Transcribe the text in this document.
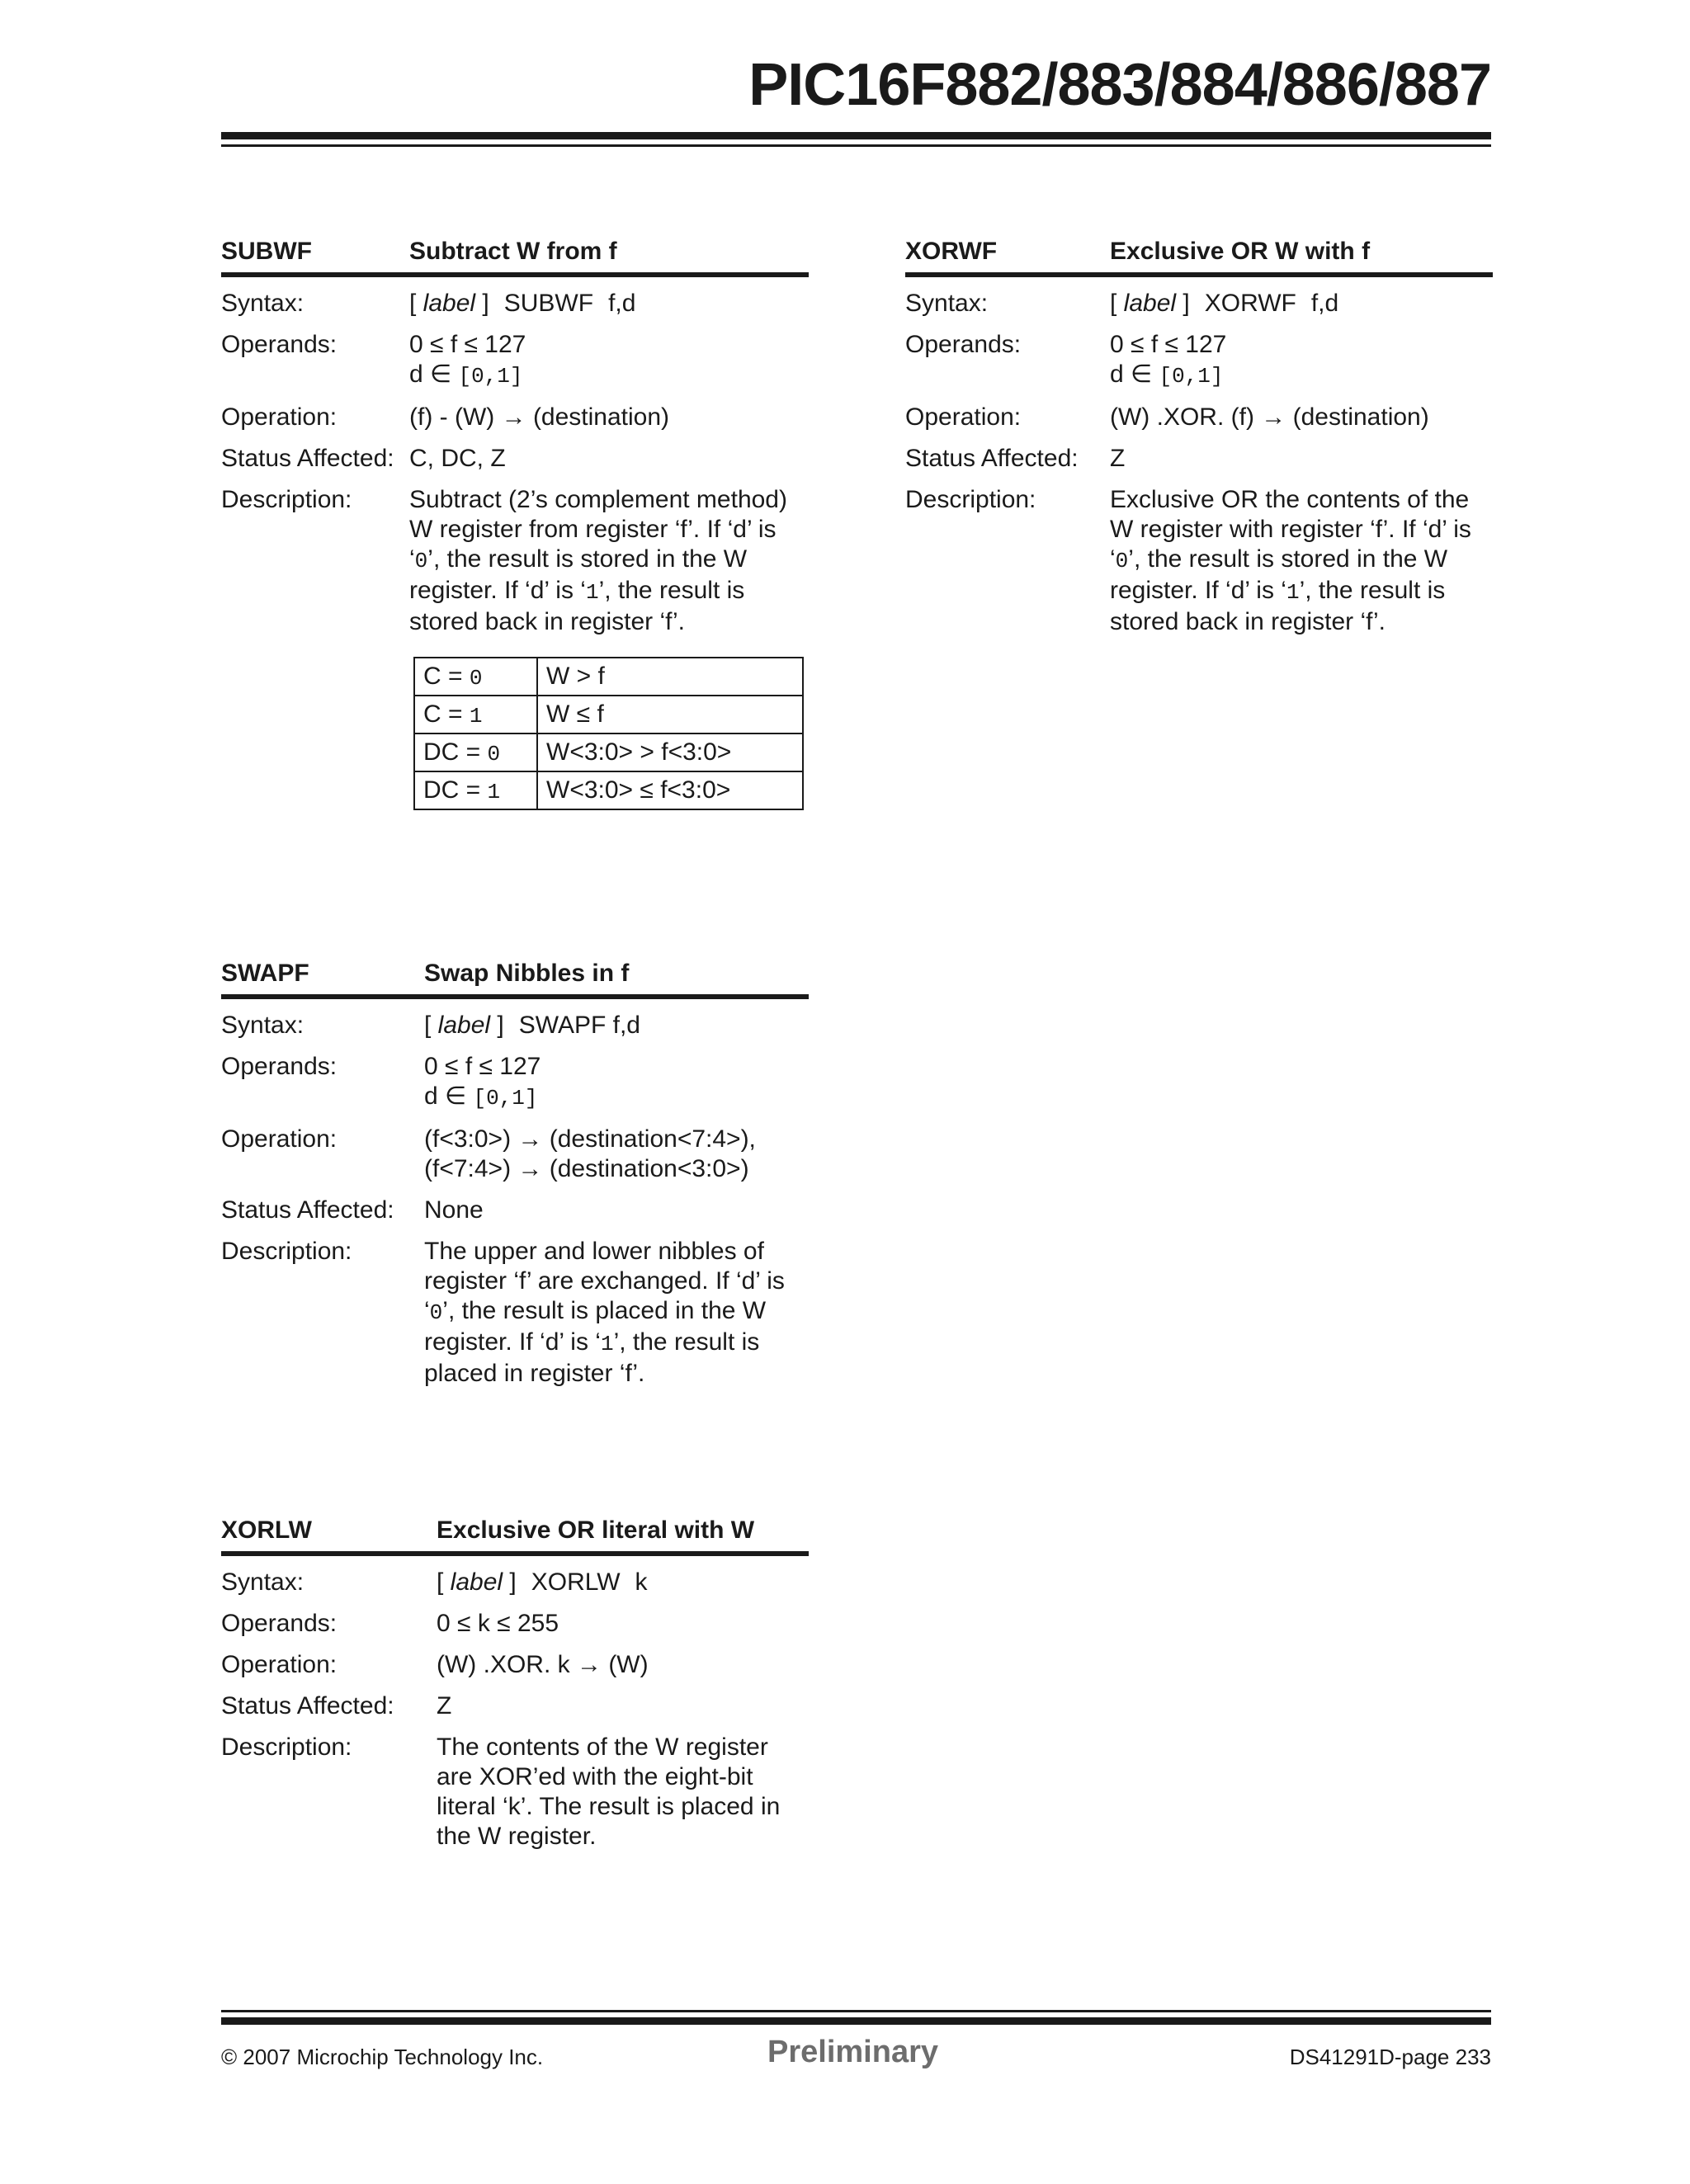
PIC16F882/883/884/886/887
SUBWF	Subtract W from f
Syntax:	[ label ] SUBWF f,d
Operands:	0 ≤ f ≤ 127
d ∈ [0,1]
Operation:	(f) - (W) → (destination)
Status Affected: C, DC, Z
Description:	Subtract (2’s complement method)
W register from register ‘f’. If ‘d’ is
‘0’, the result is stored in the W
register. If ‘d’ is ‘1’, the result is
stored back in register ‘f’.
C = 0	W > f
C = 1	W ≤ f
DC = 0	W<3:0> > f<3:0>
DC = 1	W<3:0> ≤ f<3:0>
XORWF	Exclusive OR W with f
Syntax:	[ label ] XORWF f,d
Operands:	0 ≤ f ≤ 127
d ∈ [0,1]
Operation:	(W) .XOR. (f) → (destination)
Status Affected:	Z
Description:	Exclusive OR the contents of the
W register with register ‘f’. If ‘d’ is
‘0’, the result is stored in the W
register. If ‘d’ is ‘1’, the result is
stored back in register ‘f’.
SWAPF	Swap Nibbles in f
Syntax:	[ label ] SWAPF f,d
Operands:	0 ≤ f ≤ 127
d ∈ [0,1]
Operation:	(f<3:0>) → (destination<7:4>),
(f<7:4>) → (destination<3:0>)
Status Affected:	None
Description:	The upper and lower nibbles of
register ‘f’ are exchanged. If ‘d’ is
‘0’, the result is placed in the W
register. If ‘d’ is ‘1’, the result is
placed in register ‘f’.
XORLW	Exclusive OR literal with W
Syntax:	[ label ] XORLW k
Operands:	0 ≤ k ≤ 255
Operation:	(W) .XOR. k → (W)
Status Affected:	Z
Description:	The contents of the W register
are XOR’ed with the eight-bit
literal ‘k’. The result is placed in
the W register.
© 2007 Microchip Technology Inc.	Preliminary	DS41291D-page 233
